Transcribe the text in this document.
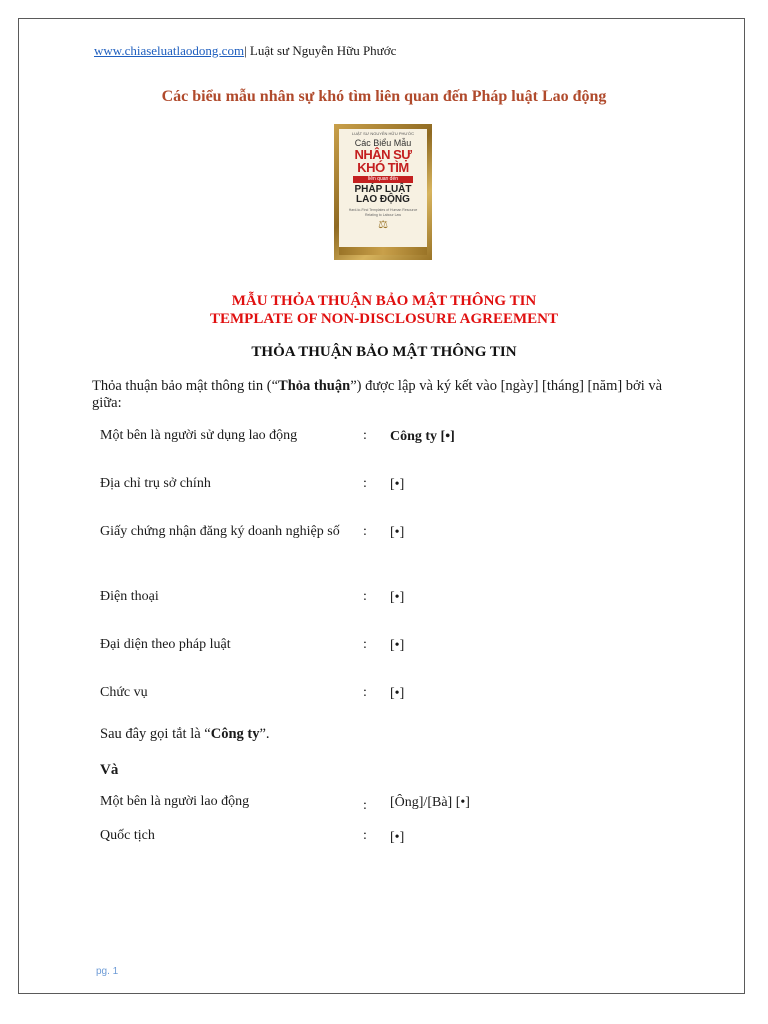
www.chiaseluatlaodong.com| Luật sư Nguyễn Hữu Phước
Các biểu mẫu nhân sự khó tìm liên quan đến Pháp luật Lao động
LUẬT SƯ NGUYỄN HỮU PHƯỚC
Các Biểu Mẫu
NHÂN SỰ
KHÓ TÌM
liên quan đến
PHÁP LUẬT
LAO ĐỘNG
Hard-to-Find Templates of Human Resource Relating to Labour Law
⚖
MẪU THỎA THUẬN BẢO MẬT THÔNG TIN
TEMPLATE OF NON-DISCLOSURE AGREEMENT
THỎA THUẬN BẢO MẬT THÔNG TIN
Thỏa thuận bảo mật thông tin (“Thỏa thuận”) được lập và ký kết vào [ngày] [tháng] [năm] bởi và giữa:
Một bên là người sử dụng lao động	: Công ty [•]
Địa chỉ trụ sở chính	: [•]
Giấy chứng nhận đăng ký doanh nghiệp số	: [•]
Điện thoại	: [•]
Đại diện theo pháp luật	: [•]
Chức vụ	: [•]
Sau đây gọi tắt là “Công ty”.
Và
Một bên là người lao động	: [Ông]/[Bà] [•]
Quốc tịch	: [•]
pg. 1
